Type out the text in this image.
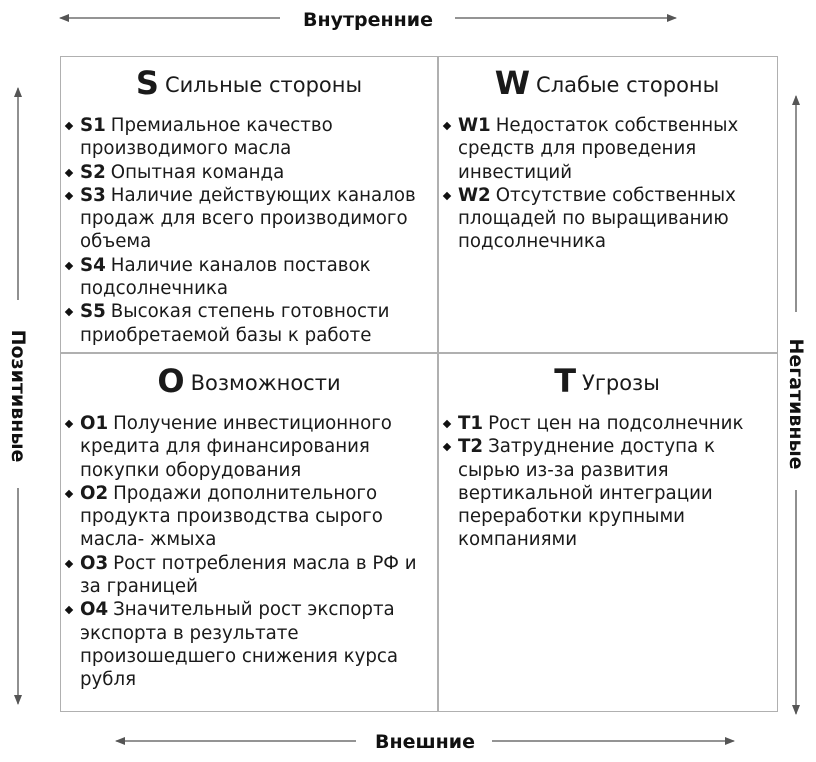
Внутренние
Внешние
Позитивные	Негативные
S Сильные стороны
S1 Премиальное качество производимого масла
S2 Опытная команда
S3 Наличие действующих каналов продаж для всего производимого объема
S4 Наличие каналов поставок подсолнечника
S5 Высокая степень готовности приобретаемой базы к работе
W Слабые стороны
W1 Недостаток собственных средств для проведения инвестиций
W2 Отсутствие собственных площадей по выращиванию подсолнечника
O Возможности
O1 Получение инвестиционного кредита для финансирования покупки оборудования
O2 Продажи дополнительного продукта производства сырого масла- жмыха
O3 Рост потребления масла в РФ и за границей
O4 Значительный рост экспорта экспорта в результате произошедшего снижения курса рубля
T Угрозы
T1 Рост цен на подсолнечник
T2 Затруднение доступа к сырью из-за развития вертикальной интеграции переработки крупными компаниями
